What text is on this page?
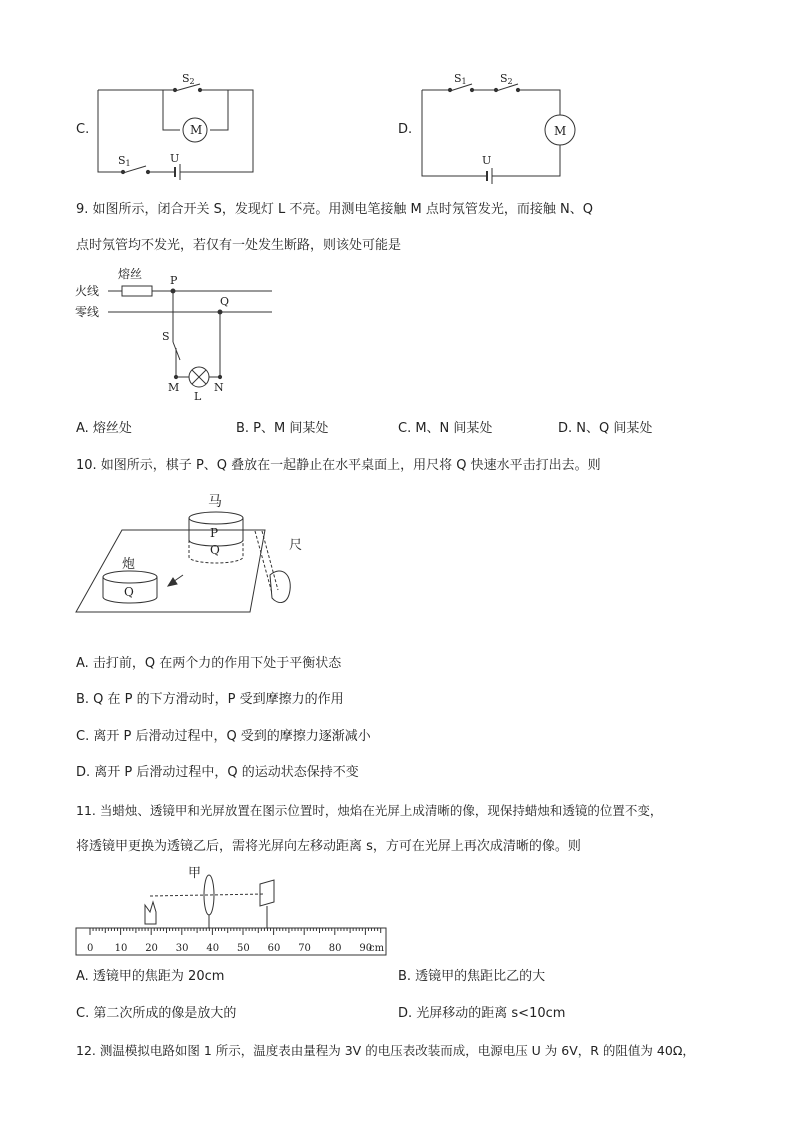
C.	M
S2
S1	U
D.	M
S1	S2
U
9. 如图所示，闭合开关 S，发现灯 L 不亮。用测电笔接触 M 点时氖管发光，而接触 N、Q
点时氖管均不发光，若仅有一处发生断路，则该处可能是
熔丝
火线
零线
P
Q
S
M
L
N
A. 熔丝处	B. P、M 间某处	C. M、N 间某处	D. N、Q 间某处
10. 如图所示，棋子 P、Q 叠放在一起静止在水平桌面上，用尺将 Q 快速水平击打出去。则
马
P
Q
炮
Q
尺
A. 击打前，Q 在两个力的作用下处于平衡状态
B. Q 在 P 的下方滑动时，P 受到摩擦力的作用
C. 离开 P 后滑动过程中，Q 受到的摩擦力逐渐减小
D. 离开 P 后滑动过程中，Q 的运动状态保持不变
11. 当蜡烛、透镜甲和光屏放置在图示位置时，烛焰在光屏上成清晰的像，现保持蜡烛和透镜的位置不变，
将透镜甲更换为透镜乙后，需将光屏向左移动距离 s，方可在光屏上再次成清晰的像。则
0 10 20 30 40 50 60 70 80 90
甲
cm
A. 透镜甲的焦距为 20cm	B. 透镜甲的焦距比乙的大
C. 第二次所成的像是放大的	D. 光屏移动的距离 s<10cm
12. 测温模拟电路如图 1 所示，温度表由量程为 3V 的电压表改装而成，电源电压 U 为 6V，R 的阻值为 40Ω，
